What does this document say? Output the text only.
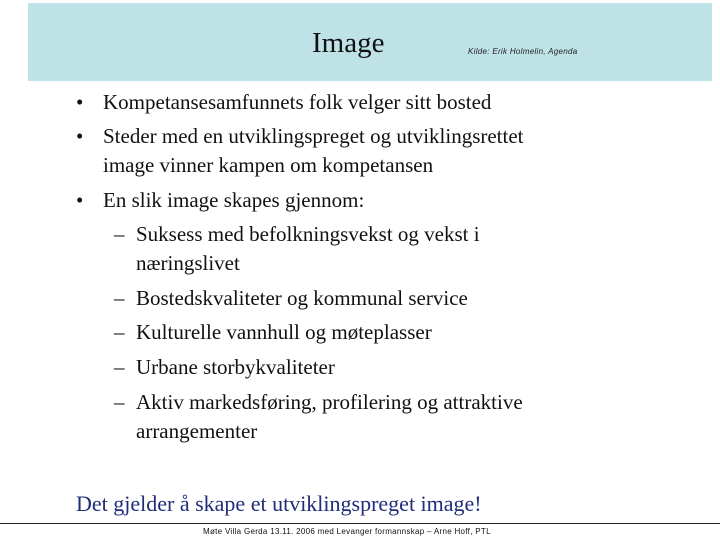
Image	Kilde: Erik Holmelin, Agenda
• Kompetansesamfunnets folk velger sitt bosted
• Steder med en utviklingspreget og utviklingsrettet
image vinner kampen om kompetansen
• En slik image skapes gjennom:
– Suksess med befolkningsvekst og vekst i
næringslivet
– Bostedskvaliteter og kommunal service
– Kulturelle vannhull og møteplasser
– Urbane storbykvaliteter
– Aktiv markedsføring, profilering og attraktive
arrangementer
Det gjelder å skape et utviklingspreget image!
Møte Villa Gerda 13.11. 2006 med Levanger formannskap – Arne Hoff, PTL
